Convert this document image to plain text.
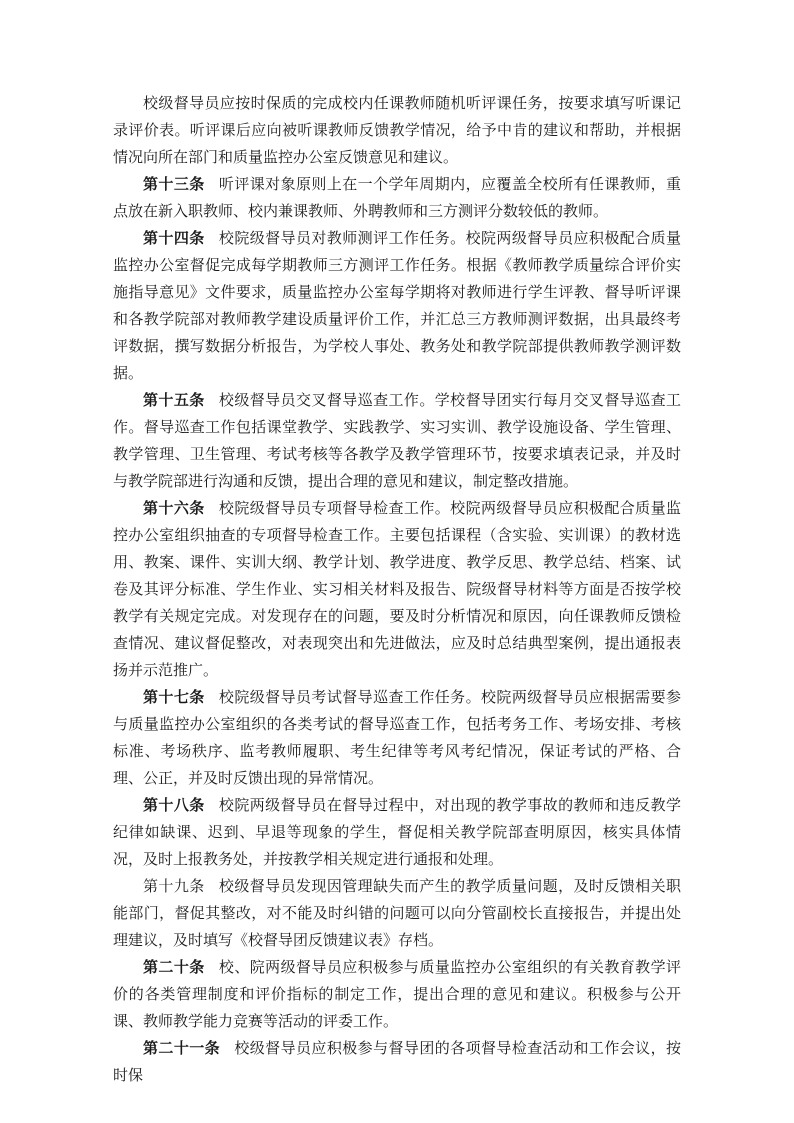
校级督导员应按时保质的完成校内任课教师随机听评课任务，按要求填写听课记录评价表。听评课后应向被听课教师反馈教学情况，给予中肯的建议和帮助，并根据情况向所在部门和质量监控办公室反馈意见和建议。

第十三条 听评课对象原则上在一个学年周期内，应覆盖全校所有任课教师，重点放在新入职教师、校内兼课教师、外聘教师和三方测评分数较低的教师。

第十四条 校院级督导员对教师测评工作任务。校院两级督导员应积极配合质量监控办公室督促完成每学期教师三方测评工作任务。根据《教师教学质量综合评价实施指导意见》文件要求，质量监控办公室每学期将对教师进行学生评教、督导听评课和各教学院部对教师教学建设质量评价工作，并汇总三方教师测评数据，出具最终考评数据，撰写数据分析报告，为学校人事处、教务处和教学院部提供教师教学测评数据。

第十五条 校级督导员交叉督导巡查工作。学校督导团实行每月交叉督导巡查工作。督导巡查工作包括课堂教学、实践教学、实习实训、教学设施设备、学生管理、教学管理、卫生管理、考试考核等各教学及教学管理环节，按要求填表记录，并及时与教学院部进行沟通和反馈，提出合理的意见和建议，制定整改措施。

第十六条 校院级督导员专项督导检查工作。校院两级督导员应积极配合质量监控办公室组织抽查的专项督导检查工作。主要包括课程（含实验、实训课）的教材选用、教案、课件、实训大纲、教学计划、教学进度、教学反思、教学总结、档案、试卷及其评分标准、学生作业、实习相关材料及报告、院级督导材料等方面是否按学校教学有关规定完成。对发现存在的问题，要及时分析情况和原因，向任课教师反馈检查情况、建议督促整改，对表现突出和先进做法，应及时总结典型案例，提出通报表扬并示范推广。

第十七条 校院级督导员考试督导巡查工作任务。校院两级督导员应根据需要参与质量监控办公室组织的各类考试的督导巡查工作，包括考务工作、考场安排、考核标准、考场秩序、监考教师履职、考生纪律等考风考纪情况，保证考试的严格、合理、公正，并及时反馈出现的异常情况。

第十八条 校院两级督导员在督导过程中，对出现的教学事故的教师和违反教学纪律如缺课、迟到、早退等现象的学生，督促相关教学院部查明原因，核实具体情况，及时上报教务处，并按教学相关规定进行通报和处理。

第十九条 校级督导员发现因管理缺失而产生的教学质量问题，及时反馈相关职能部门，督促其整改，对不能及时纠错的问题可以向分管副校长直接报告，并提出处理建议，及时填写《校督导团反馈建议表》存档。

第二十条 校、院两级督导员应积极参与质量监控办公室组织的有关教育教学评价的各类管理制度和评价指标的制定工作，提出合理的意见和建议。积极参与公开课、教师教学能力竞赛等活动的评委工作。

第二十一条 校级督导员应积极参与督导团的各项督导检查活动和工作会议，按时保
